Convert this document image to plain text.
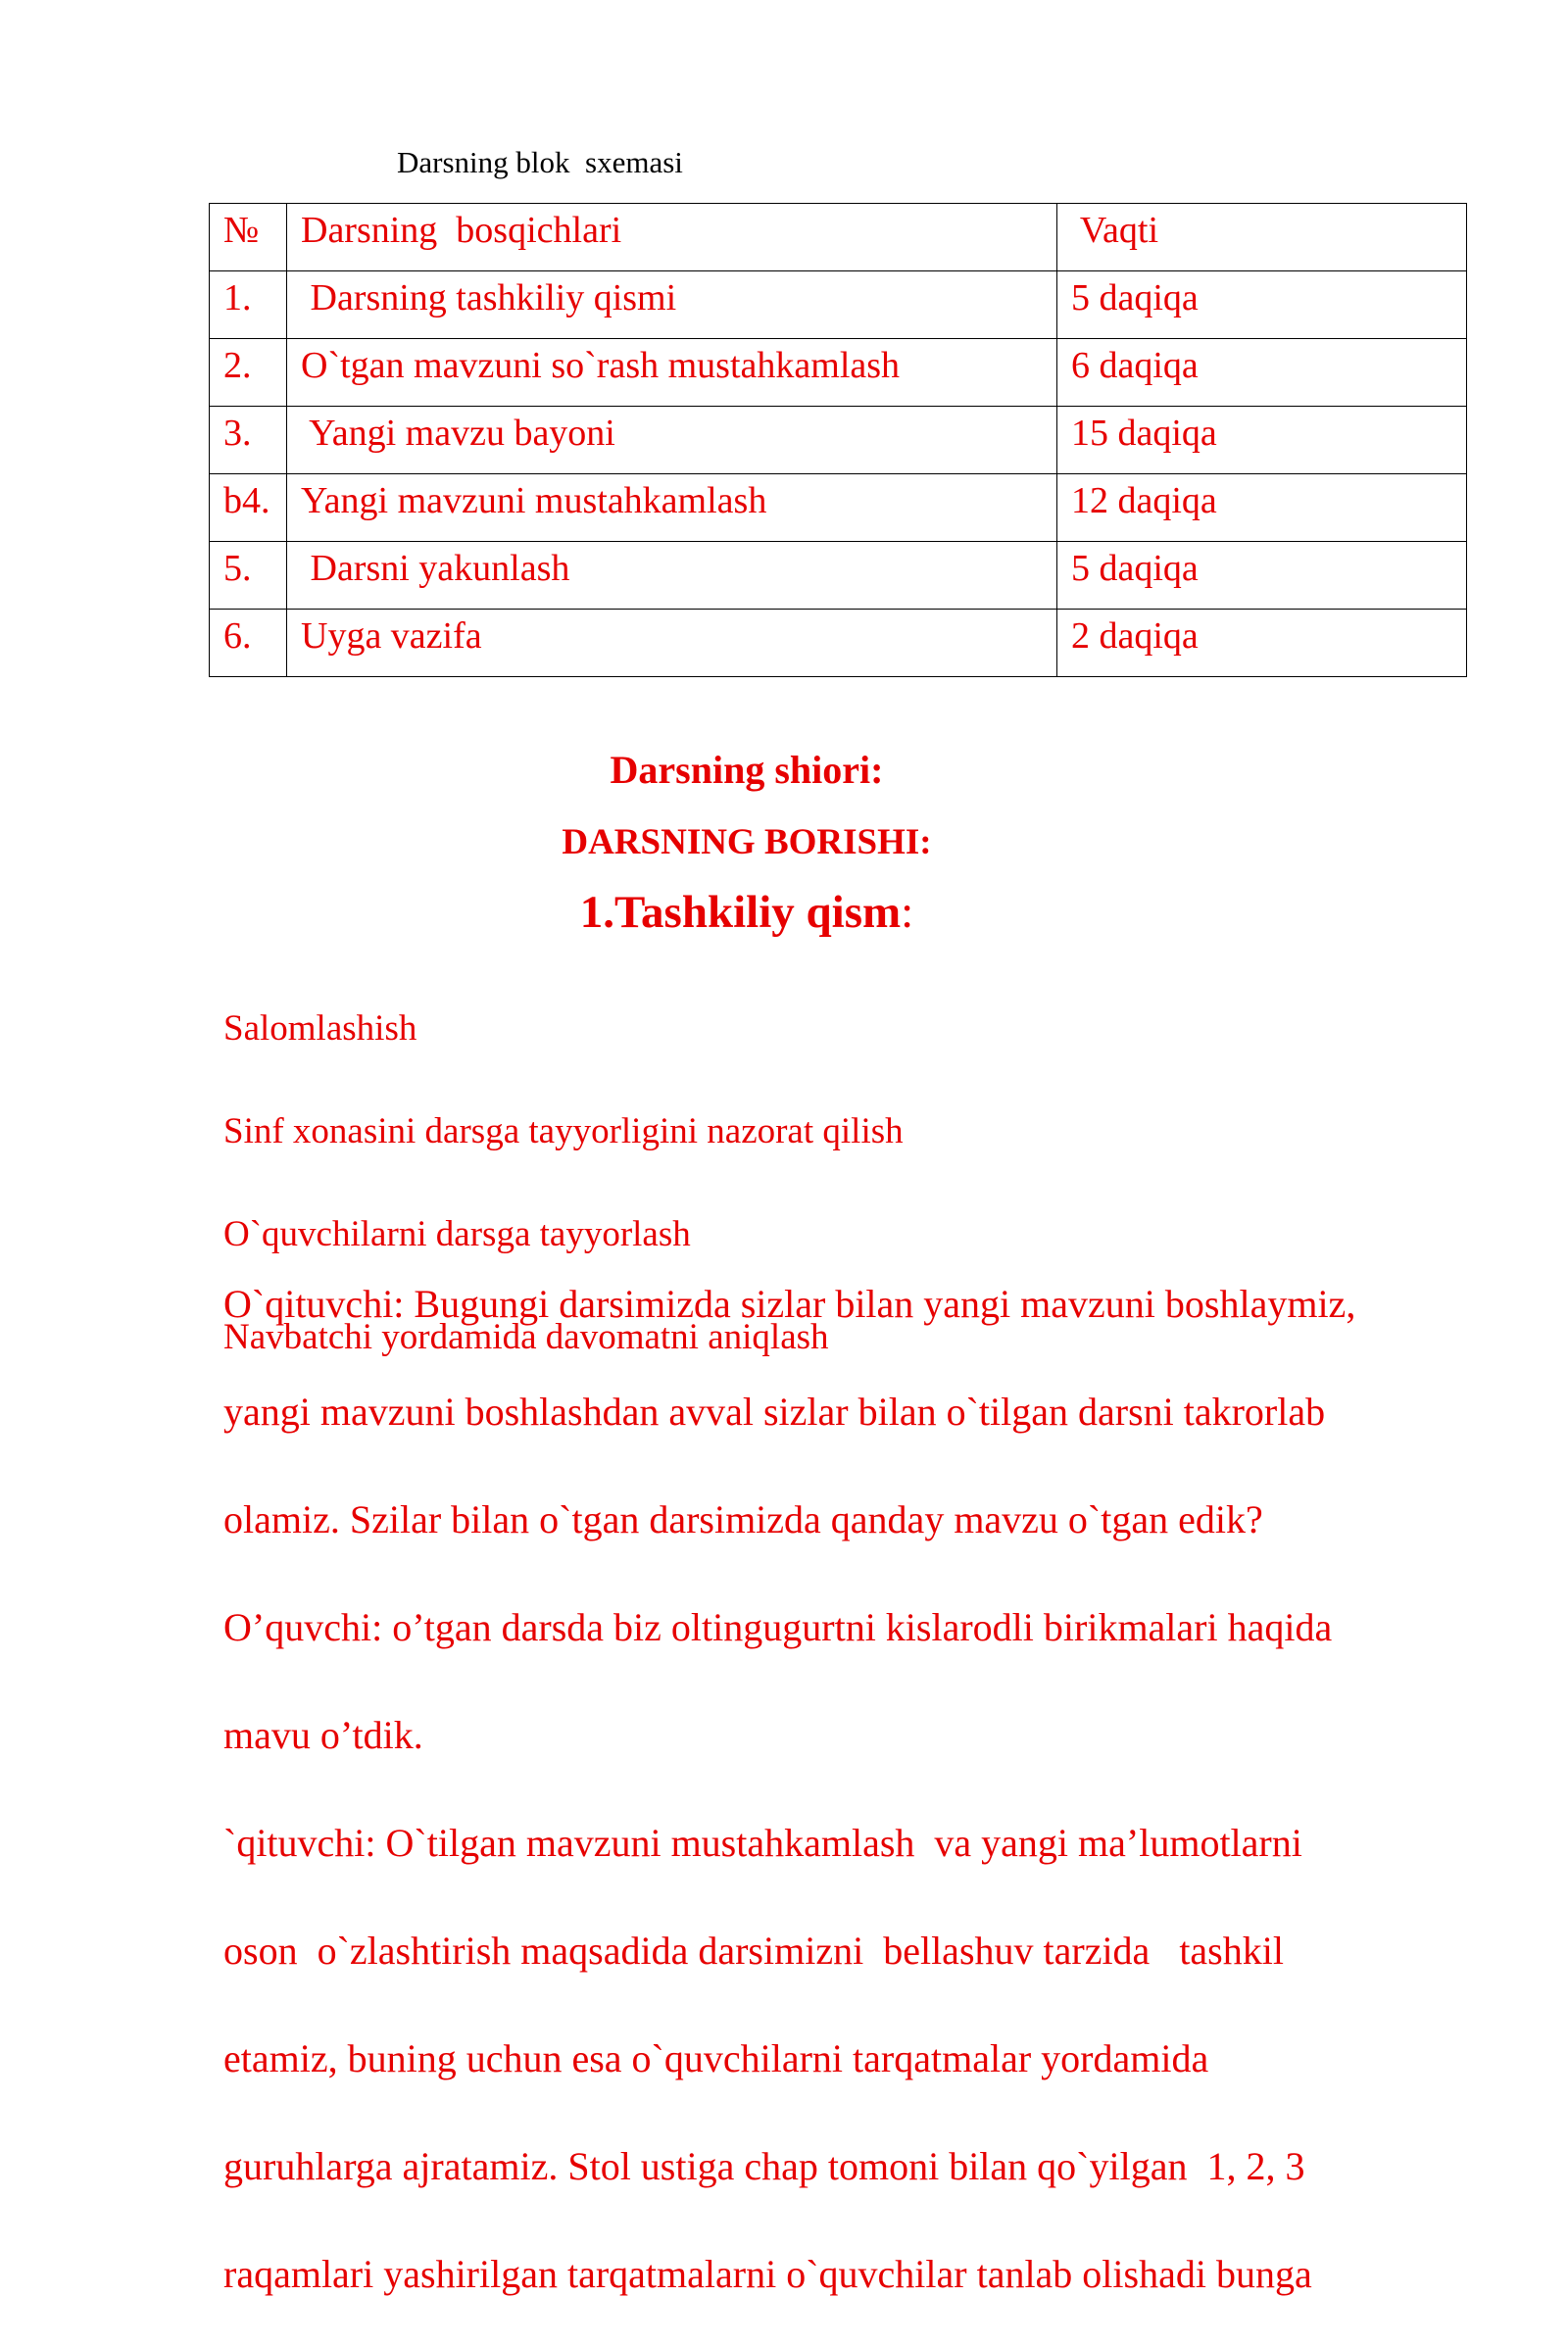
Darsning blok  sxemasi
№	Darsning  bosqichlari	Vaqti
1.	Darsning tashkiliy qismi	5 daqiqa
2.	O`tgan mavzuni so`rash mustahkamlash	6 daqiqa
3.	Yangi mavzu bayoni	15 daqiqa
b4.	Yangi mavzuni mustahkamlash	12 daqiqa
5.	Darsni yakunlash	5 daqiqa
6.	Uyga vazifa	2 daqiqa
Darsning shiori:
DARSNING BORISHI:
1.Tashkiliy qism:

Salomlashish

Sinf xonasini darsga tayyorligini nazorat qilish

O`quvchilarni darsga tayyorlash

Navbatchi yordamida davomatni aniqlash

O`qituvchi: Bugungi darsimizda sizlar bilan yangi mavzuni boshlaymiz,

yangi mavzuni boshlashdan avval sizlar bilan o`tilgan darsni takrorlab

olamiz. Szilar bilan o`tgan darsimizda qanday mavzu o`tgan edik?

O’quvchi: o’tgan darsda biz oltingugurtni kislarodli birikmalari haqida

mavu o’tdik.

`qituvchi: O`tilgan mavzuni mustahkamlash  va yangi ma’lumotlarni

oson  o`zlashtirish maqsadida darsimizni  bellashuv tarzida   tashkil

etamiz, buning uchun esa o`quvchilarni tarqatmalar yordamida

guruhlarga ajratamiz. Stol ustiga chap tomoni bilan qo`yilgan  1, 2, 3

raqamlari yashirilgan tarqatmalarni o`quvchilar tanlab olishadi bunga
